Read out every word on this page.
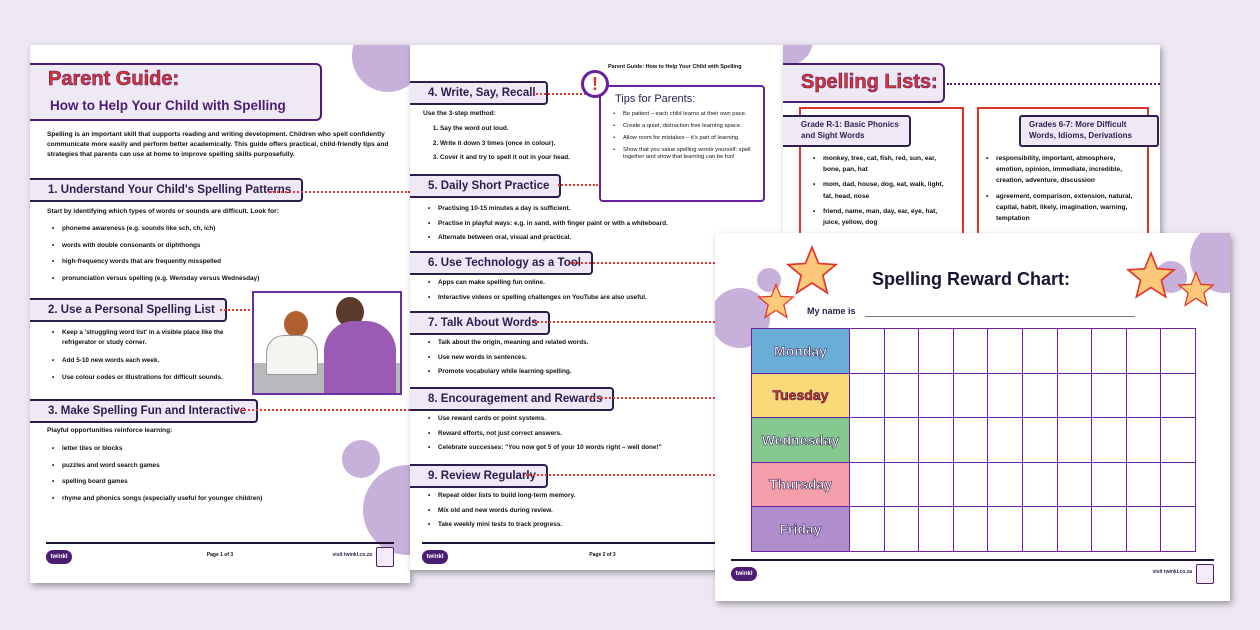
Parent Guide:
How to Help Your Child with Spelling
Spelling is an important skill that supports reading and writing development. Children who spell confidently communicate more easily and perform better academically. This guide offers practical, child-friendly tips and strategies that parents can use at home to improve spelling skills purposefully.
1. Understand Your Child's Spelling Patterns
Start by identifying which types of words or sounds are difficult. Look for:
• phoneme awareness (e.g. sounds like sch, ch, ich)
• words with double consonants or diphthongs
• high-frequency words that are frequently misspelled
• pronunciation versus spelling (e.g. Wensday versus Wednesday)
2. Use a Personal Spelling List
• Keep a 'struggling word list' in a visible place like the refrigerator or study corner.
• Add 5-10 new words each week.
• Use colour codes or illustrations for difficult sounds.
3. Make Spelling Fun and Interactive
Playful opportunities reinforce learning:
• letter tiles or blocks
• puzzles and word search games
• spelling board games
• rhyme and phonics songs (especially useful for younger children)
twinkl	Page 1 of 3	visit twinkl.co.za
Parent Guide: How to Help Your Child with Spelling
4. Write, Say, Recall
Use the 3-step method:
1. Say the word out loud.
2. Write it down 3 times (once in colour).
3. Cover it and try to spell it out in your head.
Tips for Parents:
• Be patient – each child learns at their own pace.
• Create a quiet, distraction free learning space.
• Allow room for mistakes – it's part of learning.
• Show that you value spelling words yourself: spell together and show that learning can be fun!
!
5. Daily Short Practice
• Practising 10-15 minutes a day is sufficient.
• Practise in playful ways: e.g. in sand, with finger paint or with a whiteboard.
• Alternate between oral, visual and practical.
6. Use Technology as a Tool
• Apps can make spelling fun online.
• Interactive videos or spelling challenges on YouTube are also useful.
7. Talk About Words
• Talk about the origin, meaning and related words.
• Use new words in sentences.
• Promote vocabulary while learning spelling.
8. Encouragement and Rewards
• Use reward cards or point systems.
• Reward efforts, not just correct answers.
• Celebrate successes: "You now got 5 of your 10 words right – well done!"
9. Review Regularly
• Repeat older lists to build long-term memory.
• Mix old and new words during review.
• Take weekly mini tests to track progress.
twinkl	Page 2 of 3
Spelling Lists:
Grade R-1: Basic Phonics and Sight Words
Grades 6-7: More Difficult Words, Idioms, Derivations
• monkey, tree, cat, fish, red, sun, ear, bone, pan, hat
• mom, dad, house, dog, eat, walk, light, fat, head, nose
• friend, name, man, day, ear, eye, hat, juice, yellow, dog
• responsibility, important, atmosphere, emotion, opinion, immediate, incredible, creation, adventure, discussion
• agreement, comparison, extension, natural, capital, habit, likely, imagination, warning, temptation
Spelling Reward Chart:
My name is
Monday										
Tuesday										
Wednesday										
Thursday										
Friday										
twinkl	visit twinkl.co.za
